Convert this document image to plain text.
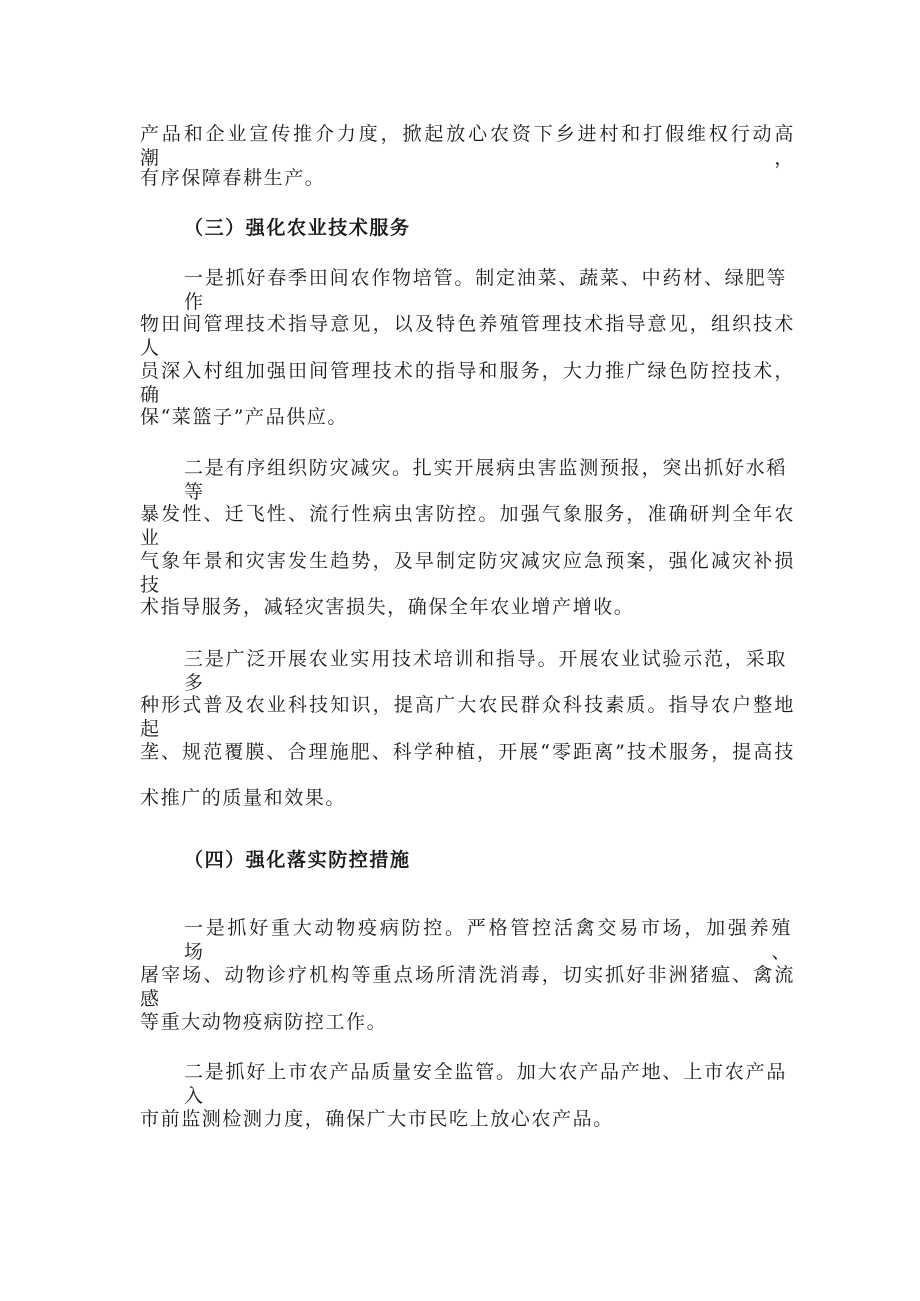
产品和企业宣传推介力度，掀起放心农资下乡进村和打假维权行动高潮，

有序保障春耕生产。

（三）强化农业技术服务

一是抓好春季田间农作物培管。制定油菜、蔬菜、中药材、绿肥等作

物田间管理技术指导意见，以及特色养殖管理技术指导意见，组织技术人

员深入村组加强田间管理技术的指导和服务，大力推广绿色防控技术，确

保“菜篮子”产品供应。

二是有序组织防灾减灾。扎实开展病虫害监测预报，突出抓好水稻等

暴发性、迁飞性、流行性病虫害防控。加强气象服务，准确研判全年农业

气象年景和灾害发生趋势，及早制定防灾减灾应急预案，强化减灾补损技

术指导服务，减轻灾害损失，确保全年农业增产增收。

三是广泛开展农业实用技术培训和指导。开展农业试验示范，采取多

种形式普及农业科技知识，提高广大农民群众科技素质。指导农户整地起

垄、规范覆膜、合理施肥、科学种植，开展“零距离”技术服务，提高技

术推广的质量和效果。

（四）强化落实防控措施

一是抓好重大动物疫病防控。严格管控活禽交易市场，加强养殖场、

屠宰场、动物诊疗机构等重点场所清洗消毒，切实抓好非洲猪瘟、禽流感

等重大动物疫病防控工作。

二是抓好上市农产品质量安全监管。加大农产品产地、上市农产品入

市前监测检测力度，确保广大市民吃上放心农产品。
